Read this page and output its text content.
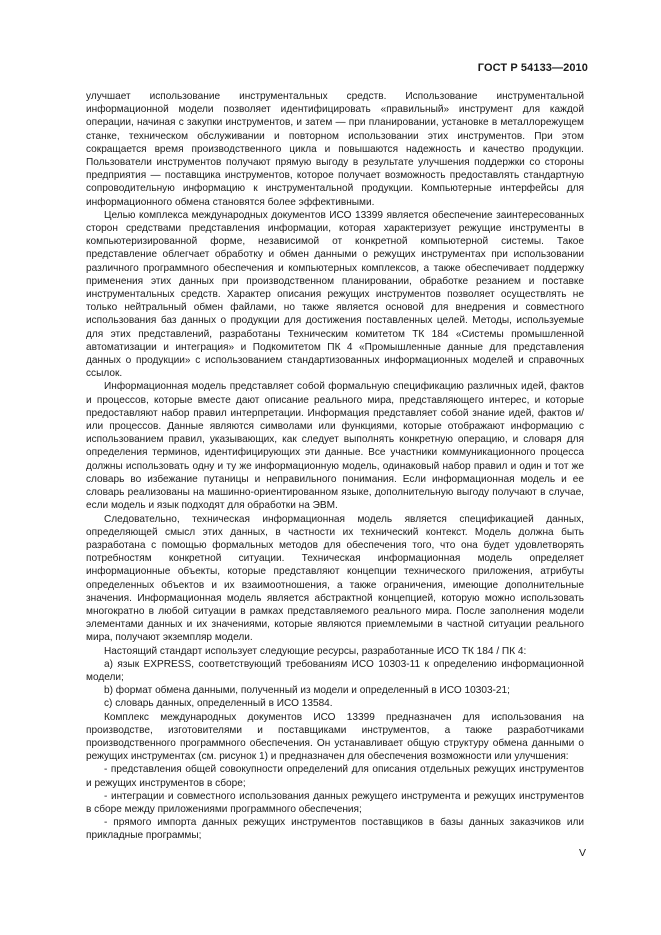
ГОСТ Р 54133—2010

улучшает использование инструментальных средств. Использование инструментальной информационной модели позволяет идентифицировать «правильный» инструмент для каждой операции, начиная с закупки инструментов, и затем — при планировании, установке в металлорежущем станке, техническом обслуживании и повторном использовании этих инструментов. При этом сокращается время производственного цикла и повышаются надежность и качество продукции. Пользователи инструментов получают прямую выгоду в результате улучшения поддержки со стороны предприятия — поставщика инструментов, которое получает возможность предоставлять стандартную сопроводительную информацию к инструментальной продукции. Компьютерные интерфейсы для информационного обмена становятся более эффективными.

Целью комплекса международных документов ИСО 13399 является обеспечение заинтересованных сторон средствами представления информации, которая характеризует режущие инструменты в компьютеризированной форме, независимой от конкретной компьютерной системы. Такое представление облегчает обработку и обмен данными о режущих инструментах при использовании различного программного обеспечения и компьютерных комплексов, а также обеспечивает поддержку применения этих данных при производственном планировании, обработке резанием и поставке инструментальных средств. Характер описания режущих инструментов позволяет осуществлять не только нейтральный обмен файлами, но также является основой для внедрения и совместного использования баз данных о продукции для достижения поставленных целей. Методы, используемые для этих представлений, разработаны Техническим комитетом ТК 184 «Системы промышленной автоматизации и интеграция» и Подкомитетом ПК 4 «Промышленные данные для представления данных о продукции» с использованием стандартизованных информационных моделей и справочных ссылок.

Информационная модель представляет собой формальную спецификацию различных идей, фактов и процессов, которые вместе дают описание реального мира, представляющего интерес, и которые предоставляют набор правил интерпретации. Информация представляет собой знание идей, фактов и/или процессов. Данные являются символами или функциями, которые отображают информацию с использованием правил, указывающих, как следует выполнять конкретную операцию, и словаря для определения терминов, идентифицирующих эти данные. Все участники коммуникационного процесса должны использовать одну и ту же информационную модель, одинаковый набор правил и один и тот же словарь во избежание путаницы и неправильного понимания. Если информационная модель и ее словарь реализованы на машинно-ориентированном языке, дополнительную выгоду получают в случае, если модель и язык подходят для обработки на ЭВМ.

Следовательно, техническая информационная модель является спецификацией данных, определяющей смысл этих данных, в частности их технический контекст. Модель должна быть разработана с помощью формальных методов для обеспечения того, что она будет удовлетворять потребностям конкретной ситуации. Техническая информационная модель определяет информационные объекты, которые представляют концепции технического приложения, атрибуты определенных объектов и их взаимоотношения, а также ограничения, имеющие дополнительные значения. Информационная модель является абстрактной концепцией, которую можно использовать многократно в любой ситуации в рамках представляемого реального мира. После заполнения модели элементами данных и их значениями, которые являются приемлемыми в частной ситуации реального мира, получают экземпляр модели.

Настоящий стандарт использует следующие ресурсы, разработанные ИСО ТК 184 / ПК 4:

a) язык EXPRESS, соответствующий требованиям ИСО 10303-11 к определению информационной модели;

b) формат обмена данными, полученный из модели и определенный в ИСО 10303-21;

c) словарь данных, определенный в ИСО 13584.

Комплекс международных документов ИСО 13399 предназначен для использования на производстве, изготовителями и поставщиками инструментов, а также разработчиками производственного программного обеспечения. Он устанавливает общую структуру обмена данными о режущих инструментах (см. рисунок 1) и предназначен для обеспечения возможности или улучшения:

- представления общей совокупности определений для описания отдельных режущих инструментов и режущих инструментов в сборе;

- интеграции и совместного использования данных режущего инструмента и режущих инструментов в сборе между приложениями программного обеспечения;

- прямого импорта данных режущих инструментов поставщиков в базы данных заказчиков или прикладные программы;

V
